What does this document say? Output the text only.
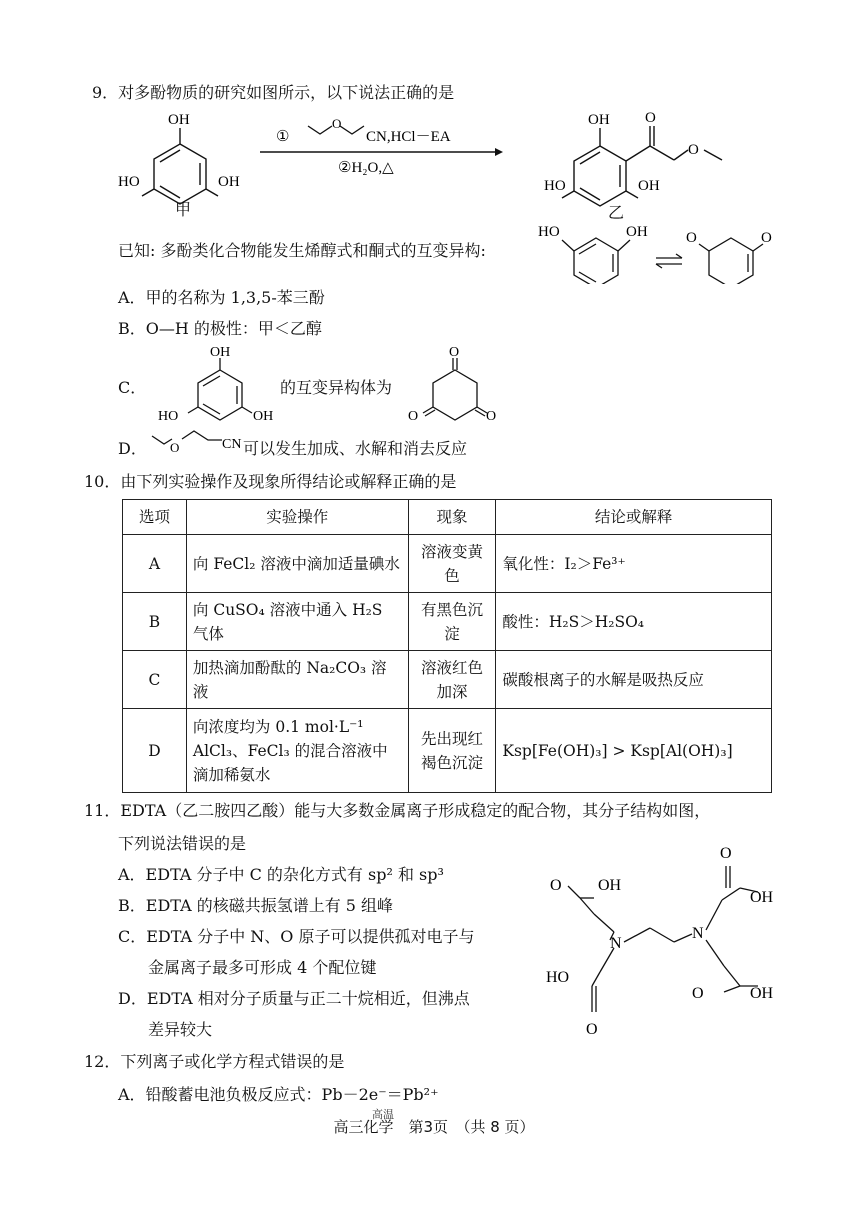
9．对多酚物质的研究如图所示，以下说法正确的是
OH
OH
HO
①
O
CN,HCl－EA
②H₂O,△
OH O
O
OH
HO
甲	乙
已知: 多酚类化合物能发生烯醇式和酮式的互变异构:
HO	OH	O	O
A．甲的名称为 1,3,5-苯三酚
B．O—H 的极性：甲＜乙醇
C．
OH
OH
HO
的互变异构体为
O
O	O
D． O	CN 可以发生加成、水解和消去反应
10．由下列实验操作及现象所得结论或解释正确的是
选项	实验操作	现象	结论或解释
A	向 FeCl₂ 溶液中滴加适量碘水	溶液变黄色	氧化性：I₂＞Fe³⁺
B	向 CuSO₄ 溶液中通入 H₂S 气体	有黑色沉淀	酸性：H₂S＞H₂SO₄
C	加热滴加酚酞的 Na₂CO₃ 溶液	溶液红色加深	碳酸根离子的水解是吸热反应
D	向浓度均为 0.1 mol·L⁻¹ AlCl₃、FeCl₃ 的混合溶液中滴加稀氨水	先出现红褐色沉淀	Ksp[Fe(OH)₃] > Ksp[Al(OH)₃]
11．EDTA（乙二胺四乙酸）能与大多数金属离子形成稳定的配合物，其分子结构如图，
下列说法错误的是
A．EDTA 分子中 C 的杂化方式有 sp² 和 sp³
B．EDTA 的核磁共振氢谱上有 5 组峰
C．EDTA 分子中 N、O 原子可以提供孤对电子与
金属离子最多可形成 4 个配位键
D．EDTA 相对分子质量与正二十烷相近，但沸点
差异较大
O OH
N
N
O
OH
HO
O
O	OH
12．下列离子或化学方程式错误的是
A．铅酸蓄电池负极反应式：Pb－2e⁻＝Pb²⁺
高温
高三化学　第3页　（共 8 页）
